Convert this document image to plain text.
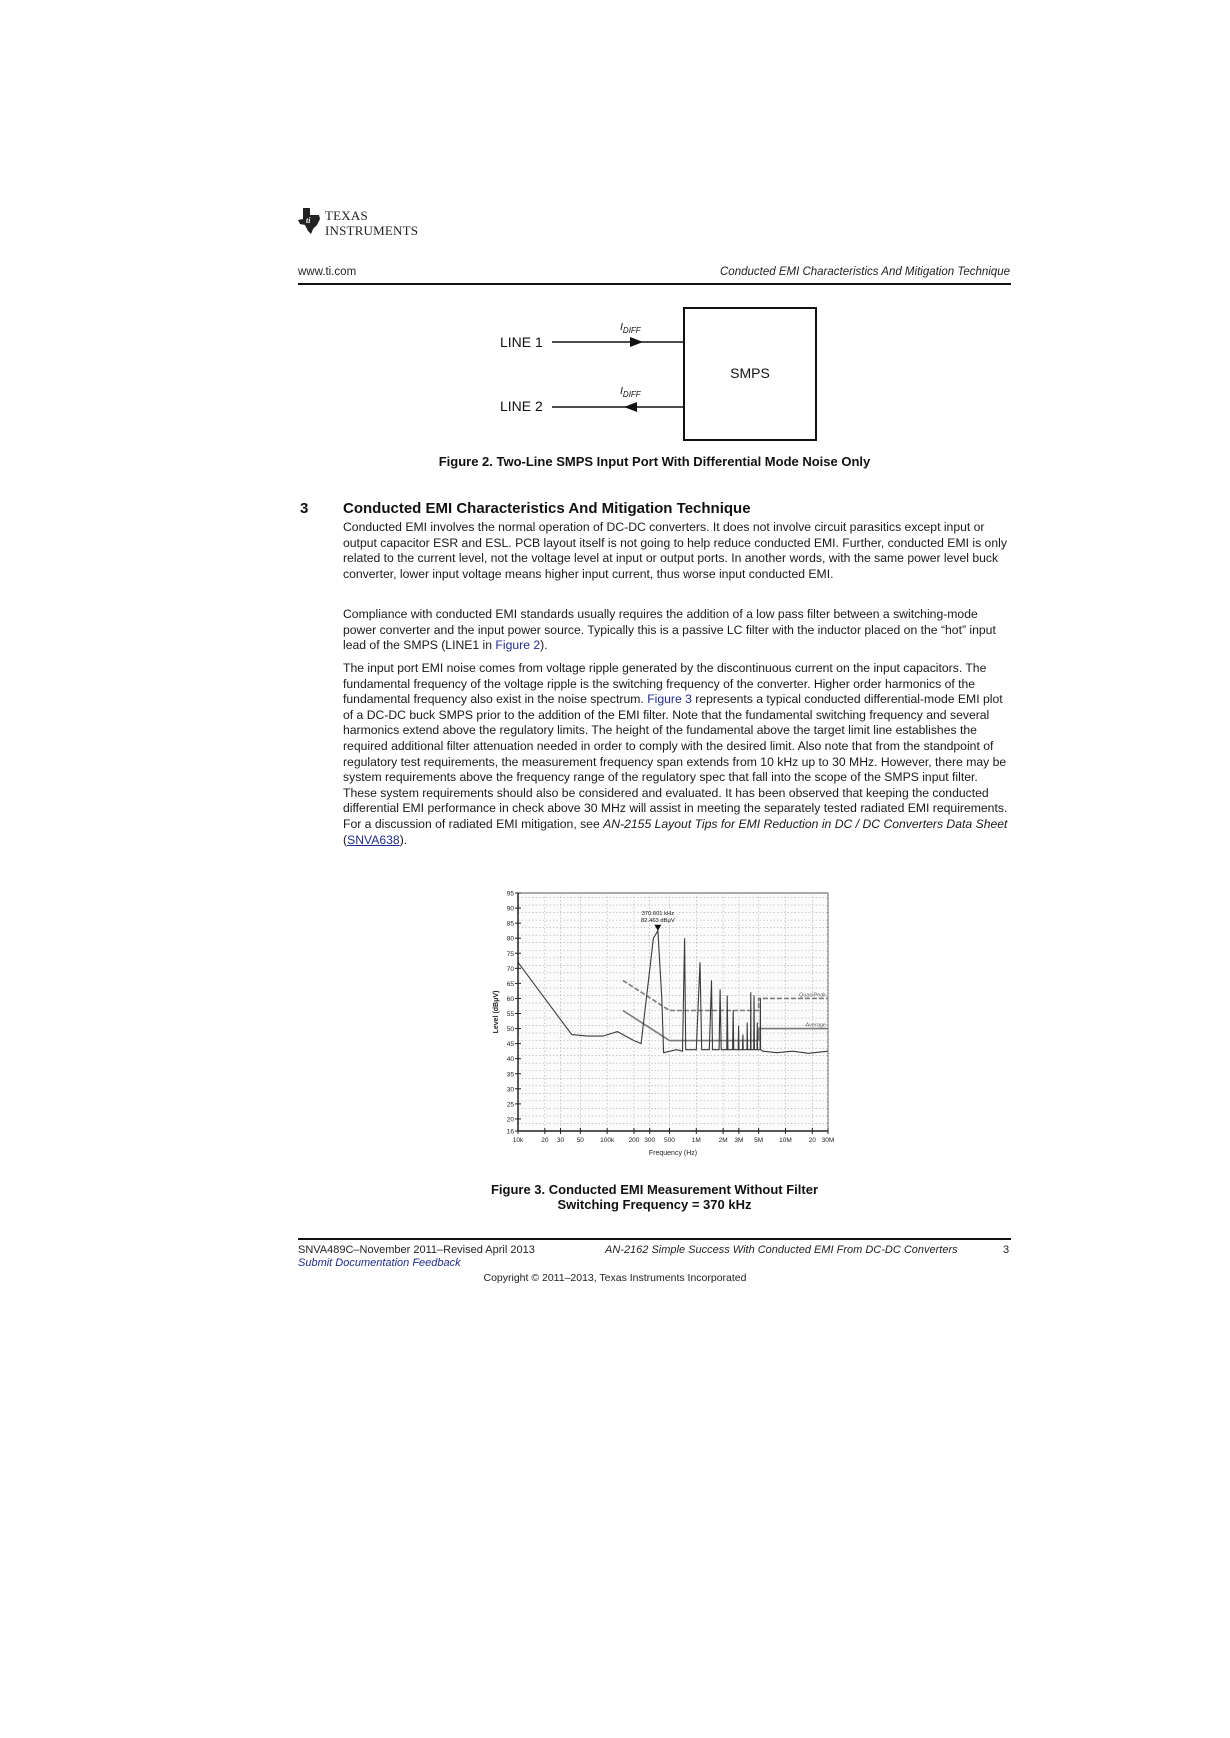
ti TEXAS
INSTRUMENTS
www.ti.com	Conducted EMI Characteristics And Mitigation Technique
LINE 1
$I_{DIFF}$
LINE 2
$I_{DIFF}$
SMPS
Figure 2. Two-Line SMPS Input Port With Differential Mode Noise Only
3 Conducted EMI Characteristics And Mitigation Technique
Conducted EMI involves the normal operation of DC-DC converters. It does not involve circuit parasitics except input or output capacitor ESR and ESL. PCB layout itself is not going to help reduce conducted EMI. Further, conducted EMI is only related to the current level, not the voltage level at input or output ports. In another words, with the same power level buck converter, lower input voltage means higher input current, thus worse input conducted EMI.
Compliance with conducted EMI standards usually requires the addition of a low pass filter between a switching-mode power converter and the input power source. Typically this is a passive LC filter with the inductor placed on the “hot” input lead of the SMPS (LINE1 in Figure 2).
The input port EMI noise comes from voltage ripple generated by the discontinuous current on the input capacitors. The fundamental frequency of the voltage ripple is the switching frequency of the converter. Higher order harmonics of the fundamental frequency also exist in the noise spectrum. Figure 3 represents a typical conducted differential-mode EMI plot of a DC-DC buck SMPS prior to the addition of the EMI filter. Note that the fundamental switching frequency and several harmonics extend above the regulatory limits. The height of the fundamental above the target limit line establishes the required additional filter attenuation needed in order to comply with the desired limit. Also note that from the standpoint of regulatory test requirements, the measurement frequency span extends from 10 kHz up to 30 MHz. However, there may be system requirements above the frequency range of the regulatory spec that fall into the scope of the SMPS input filter. These system requirements should also be considered and evaluated. It has been observed that keeping the conducted differential EMI performance in check above 30 MHz will assist in meeting the separately tested radiated EMI requirements. For a discussion of radiated EMI mitigation, see AN-2155 Layout Tips for EMI Reduction in DC / DC Converters Data Sheet (SNVA638).
16
20
25
30
35
40
45
50
55
60
65
70
75
80
85
90
95
10k	20 30 50 100k 200 300 500	1M	2M 3M 5M 10M	20 30M
Frequency (Hz)
Level (dBμV)	QuasiPeak
Average
370.601 kHz
82.463 dBμV
Figure 3. Conducted EMI Measurement Without Filter
Switching Frequency = 370 kHz
SNVA489C–November 2011–Revised April 2013	AN-2162 Simple Success With Conducted EMI From DC-DC Converters	3
Submit Documentation Feedback
Copyright © 2011–2013, Texas Instruments Incorporated
